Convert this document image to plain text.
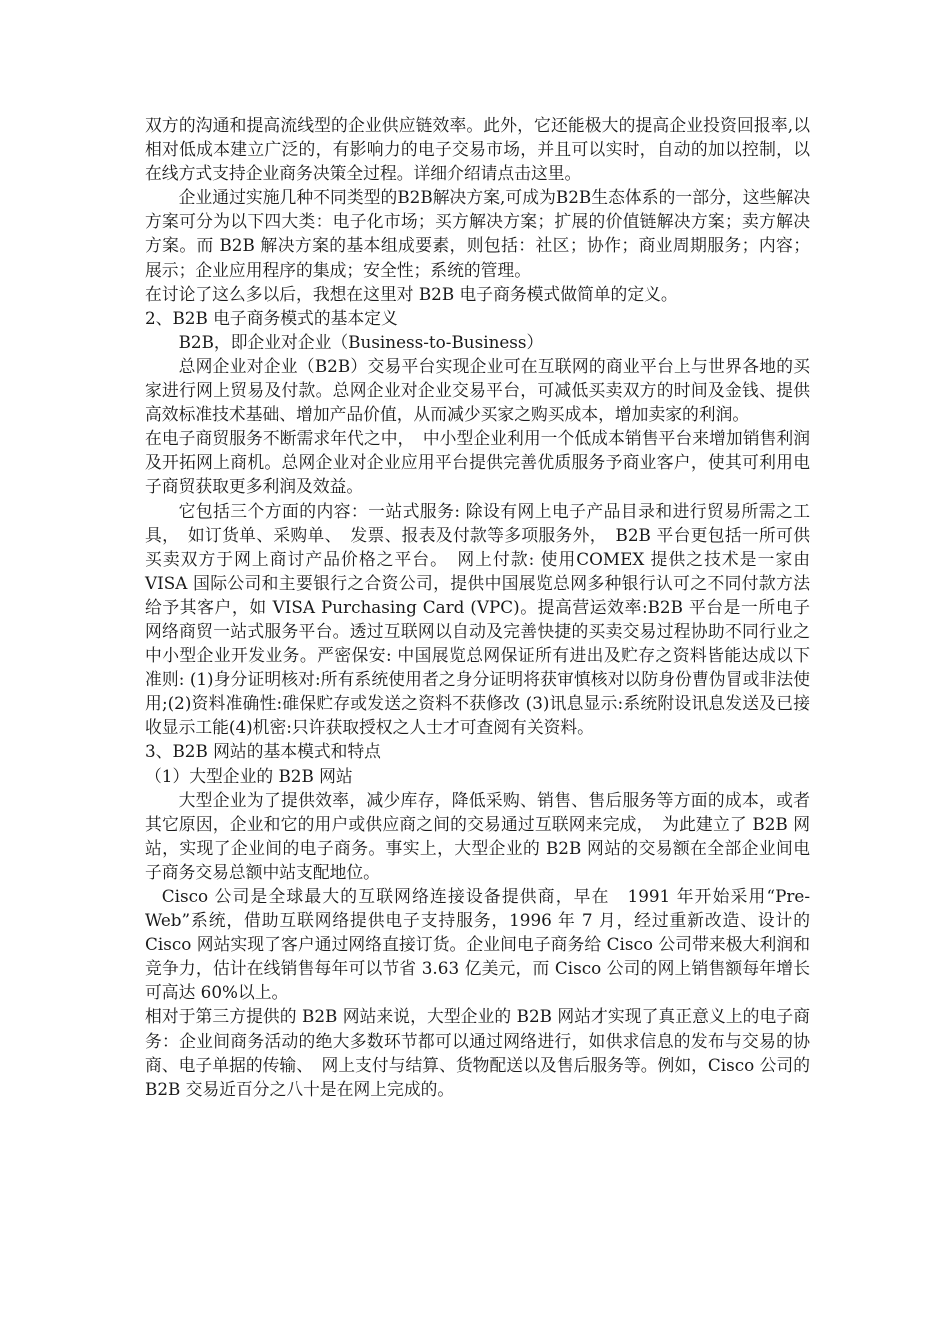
双方的沟通和提高流线型的企业供应链效率。此外，它还能极大的提高企业投资回报率,以相对低成本建立广泛的，有影响力的电子交易市场，并且可以实时，自动的加以控制，以在线方式支持企业商务决策全过程。详细介绍请点击这里。

企业通过实施几种不同类型的B2B解决方案,可成为B2B生态体系的一部分，这些解决方案可分为以下四大类：电子化市场；买方解决方案；扩展的价值链解决方案；卖方解决方案。而 B2B 解决方案的基本组成要素，则包括：社区；协作；商业周期服务；内容；展示；企业应用程序的集成；安全性；系统的管理。

在讨论了这么多以后，我想在这里对 B2B 电子商务模式做简单的定义。

2、B2B 电子商务模式的基本定义

B2B，即企业对企业（Business-to-Business）

总网企业对企业（B2B）交易平台实现企业可在互联网的商业平台上与世界各地的买家进行网上贸易及付款。总网企业对企业交易平台，可减低买卖双方的时间及金钱、提供高效标准技术基础、增加产品价值，从而减少买家之购买成本，增加卖家的利润。

在电子商贸服务不断需求年代之中，　中小型企业利用一个低成本销售平台来增加销售利润及开拓网上商机。总网企业对企业应用平台提供完善优质服务予商业客户，使其可利用电子商贸获取更多利润及效益。

它包括三个方面的内容：一站式服务: 除设有网上电子产品目录和进行贸易所需之工具，　如订货单、采购单、　发票、报表及付款等多项服务外，　B2B 平台更包括一所可供买卖双方于网上商讨产品价格之平台。　网上付款: 使用COMEX 提供之技术是一家由 VISA 国际公司和主要银行之合资公司，提供中国展览总网多种银行认可之不同付款方法给予其客户，如 VISA Purchasing Card (VPC)。提高营运效率:B2B 平台是一所电子网络商贸一站式服务平台。透过互联网以自动及完善快捷的买卖交易过程协助不同行业之中小型企业开发业务。严密保安: 中国展览总网保证所有进出及贮存之资料皆能达成以下准则: (1)身分证明核对:所有系统使用者之身分证明将获审慎核对以防身份曹伪冒或非法使用;(2)资料准确性:碓保贮存或发送之资料不获修改 (3)讯息显示:系统附设讯息发送及已接收显示工能(4)机密:只许获取授权之人士才可查阅有关资料。

3、B2B 网站的基本模式和特点

（1）大型企业的 B2B 网站

大型企业为了提供效率，减少库存，降低采购、销售、售后服务等方面的成本，或者其它原因，企业和它的用户或供应商之间的交易通过互联网来完成，　为此建立了 B2B 网站，实现了企业间的电子商务。事实上，大型企业的 B2B 网站的交易额在全部企业间电子商务交易总额中站支配地位。

Cisco 公司是全球最大的互联网络连接设备提供商，早在　1991 年开始采用“Pre-Web”系统，借助互联网络提供电子支持服务，1996 年 7 月，经过重新改造、设计的 Cisco 网站实现了客户通过网络直接订货。企业间电子商务给 Cisco 公司带来极大利润和竞争力，估计在线销售每年可以节省 3.63 亿美元，而 Cisco 公司的网上销售额每年增长可高达 60%以上。

相对于第三方提供的 B2B 网站来说，大型企业的 B2B 网站才实现了真正意义上的电子商务：企业间商务活动的绝大多数环节都可以通过网络进行，如供求信息的发布与交易的协商、电子单据的传输、　网上支付与结算、货物配送以及售后服务等。例如，Cisco 公司的 B2B 交易近百分之八十是在网上完成的。
